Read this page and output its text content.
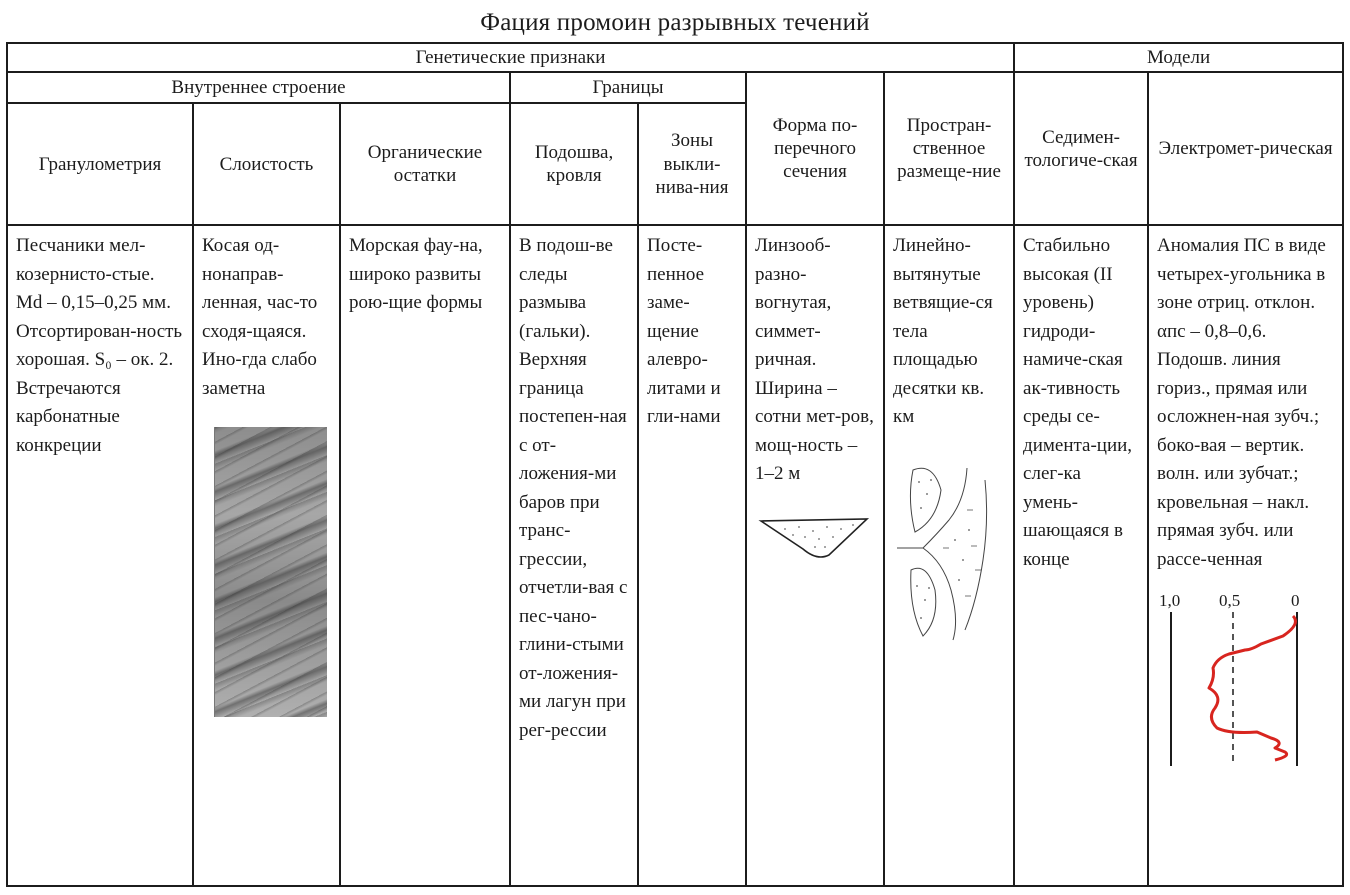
Фация промоин разрывных течений
Генетические признаки							Модели	
Внутреннее строение			Границы		Форма по-перечного сечения	Простран-ственное размеще-ние	Седимен-тологиче-ская	Электромет-рическая
Гранулометрия	Слоистость	Органические остатки	Подошва, кровля	Зоны выкли-нива-ния				

Песчаники мел-козернисто-стые. Md – 0,15–0,25 мм. Отсортирован-ность хорошая. S₀ – ок. 2. Встречаются карбонатные конкреции	Косая од-нонаправ-ленная, час-то сходя-щаяся. Ино-гда слабо заметна	Морская фау-на, широко развиты рою-щие формы	В подош-ве следы размыва (гальки). Верхняя граница постепен-ная с от-ложения-ми баров при транс-грессии, отчетли-вая с пес-чано-глини-стыми от-ложения-ми лагун при рег-рессии	Посте-пенное заме-щение алевро-литами и гли-нами	Линзооб-разно-вогнутая, симмет-ричная. Ширина – сотни мет-ров, мощ-ность – 1–2 м	Линейно-вытянутые ветвящие-ся тела площадью десятки кв. км	Стабильно высокая (II уровень) гидроди-намиче-ская ак-тивность среды се-димента-ции, слег-ка умень-шающаяся в конце	Аномалия ПС в виде четырех-угольника в зоне отриц. отклон. αпс – 0,8–0,6. Подошв. линия гориз., прямая или осложнен-ная зубч.; боко-вая – вертик. волн. или зубчат.; кровельная – накл. прямая зубч. или рассе-ченная
1,0 0,5 0
